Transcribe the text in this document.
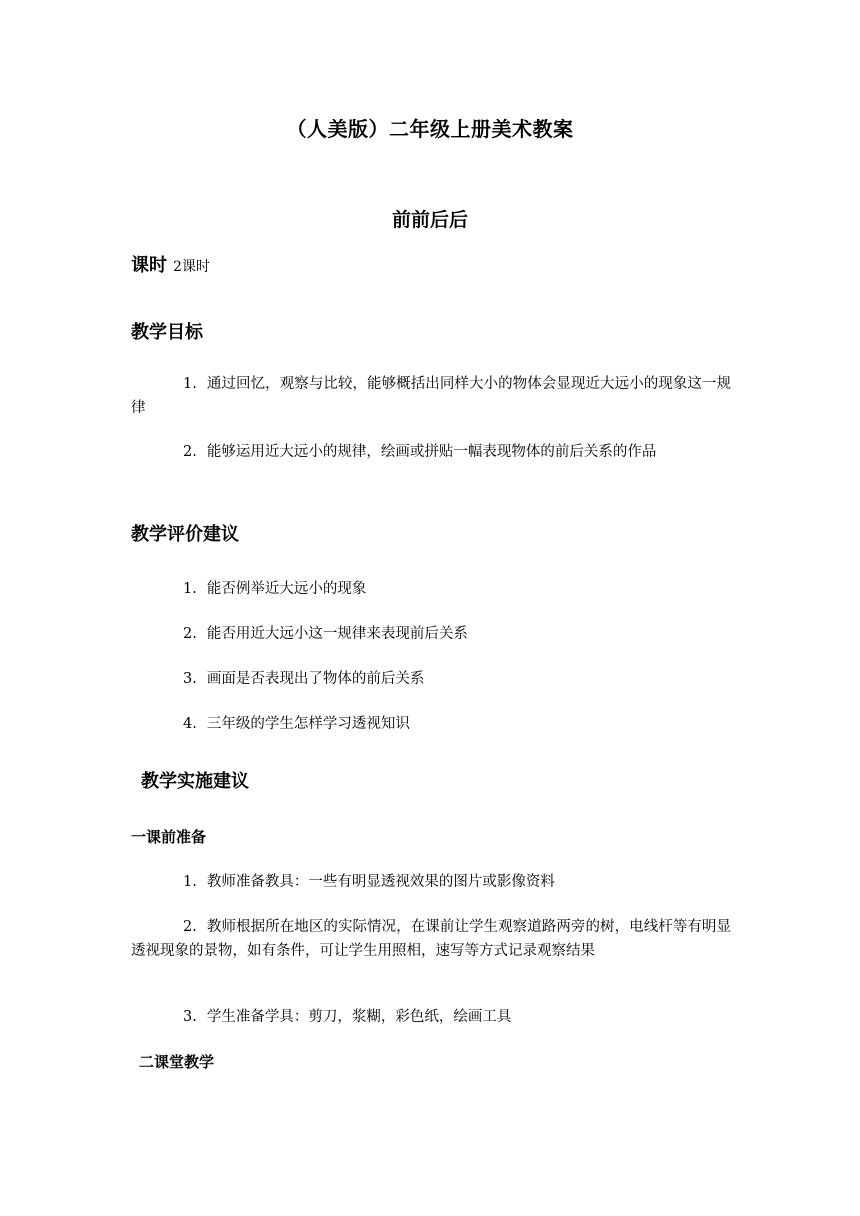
（人美版）二年级上册美术教案
前前后后
课时 2课时
教学目标

1. 通过回忆，观察与比较，能够概括出同样大小的物体会显现近大远小的现象这一规律

2. 能够运用近大远小的规律，绘画或拼贴一幅表现物体的前后关系的作品

教学评价建议

1. 能否例举近大远小的现象

2. 能否用近大远小这一规律来表现前后关系

3. 画面是否表现出了物体的前后关系

4. 三年级的学生怎样学习透视知识

教学实施建议
一课前准备

1. 教师准备教具：一些有明显透视效果的图片或影像资料

2. 教师根据所在地区的实际情况，在课前让学生观察道路两旁的树，电线杆等有明显透视现象的景物，如有条件，可让学生用照相，速写等方式记录观察结果

3. 学生准备学具：剪刀，浆糊，彩色纸，绘画工具

二课堂教学
